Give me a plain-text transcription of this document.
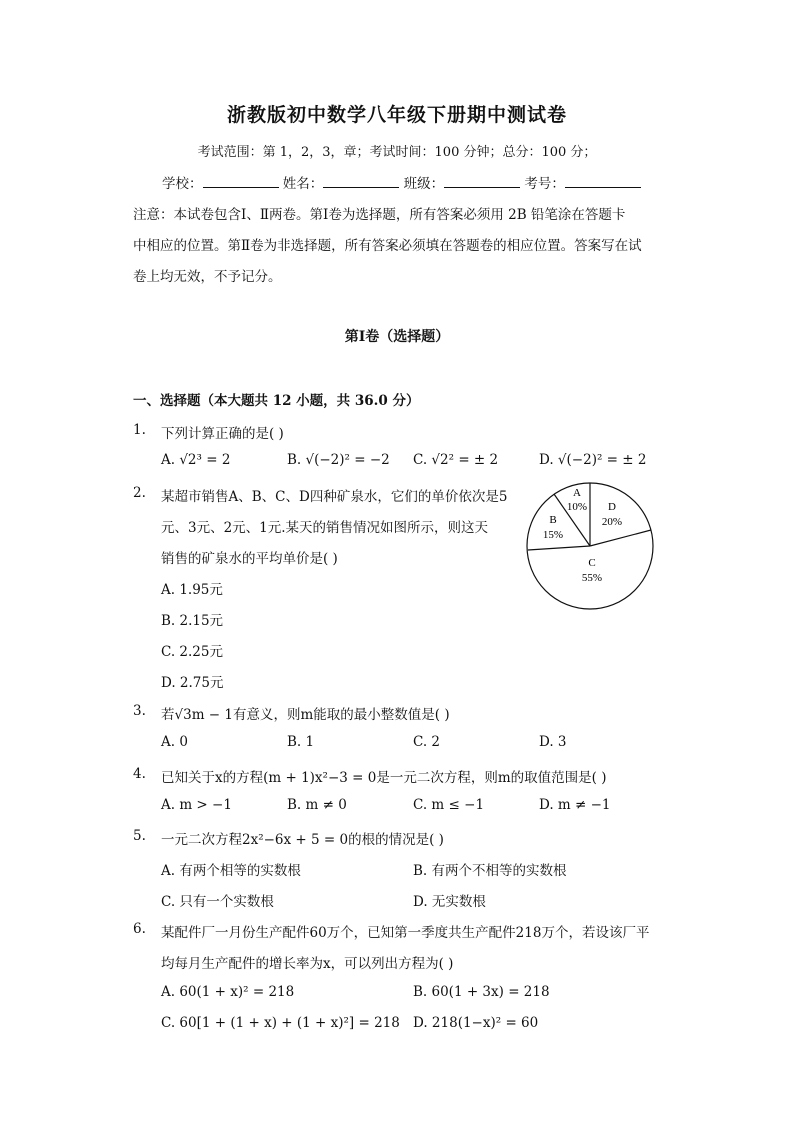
浙教版初中数学八年级下册期中测试卷
考试范围：第 1，2，3，章；考试时间：100 分钟；总分：100 分；
学校：	姓名：	班级：	考号：
注意：本试卷包含Ⅰ、Ⅱ两卷。第Ⅰ卷为选择题，所有答案必须用 2B 铅笔涂在答题卡
中相应的位置。第Ⅱ卷为非选择题，所有答案必须填在答题卷的相应位置。答案写在试
卷上均无效，不予记分。
第Ⅰ卷（选择题）
一、选择题（本大题共 12 小题，共 36.0 分）
1. 下列计算正确的是( )
A. √2³ = 2	B. √(−2)² = −2 C. √2² = ± 2	D. √(−2)² = ± 2
2. 某超市销售A、B、C、D四种矿泉水，它们的单价依次是5
元、3元、2元、1元.某天的销售情况如图所示，则这天
销售的矿泉水的平均单价是( )
A. 1.95元
B. 2.15元
C. 2.25元
D. 2.75元
A
10% D
20%
C
55%
B
15%
3. 若√3m − 1有意义，则m能取的最小整数值是( )
A. 0	B. 1	C. 2	D. 3
4. 已知关于x的方程(m + 1)x²−3 = 0是一元二次方程，则m的取值范围是( )
A. m > −1	B. m ≠ 0	C. m ≤ −1	D. m ≠ −1
5. 一元二次方程2x²−6x + 5 = 0的根的情况是( )
A. 有两个相等的实数根	B. 有两个不相等的实数根
C. 只有一个实数根	D. 无实数根
6. 某配件厂一月份生产配件60万个，已知第一季度共生产配件218万个，若设该厂平
均每月生产配件的增长率为x，可以列出方程为( )
A. 60(1 + x)² = 218	B. 60(1 + 3x) = 218
C. 60[1 + (1 + x) + (1 + x)²] = 218 D. 218(1−x)² = 60
